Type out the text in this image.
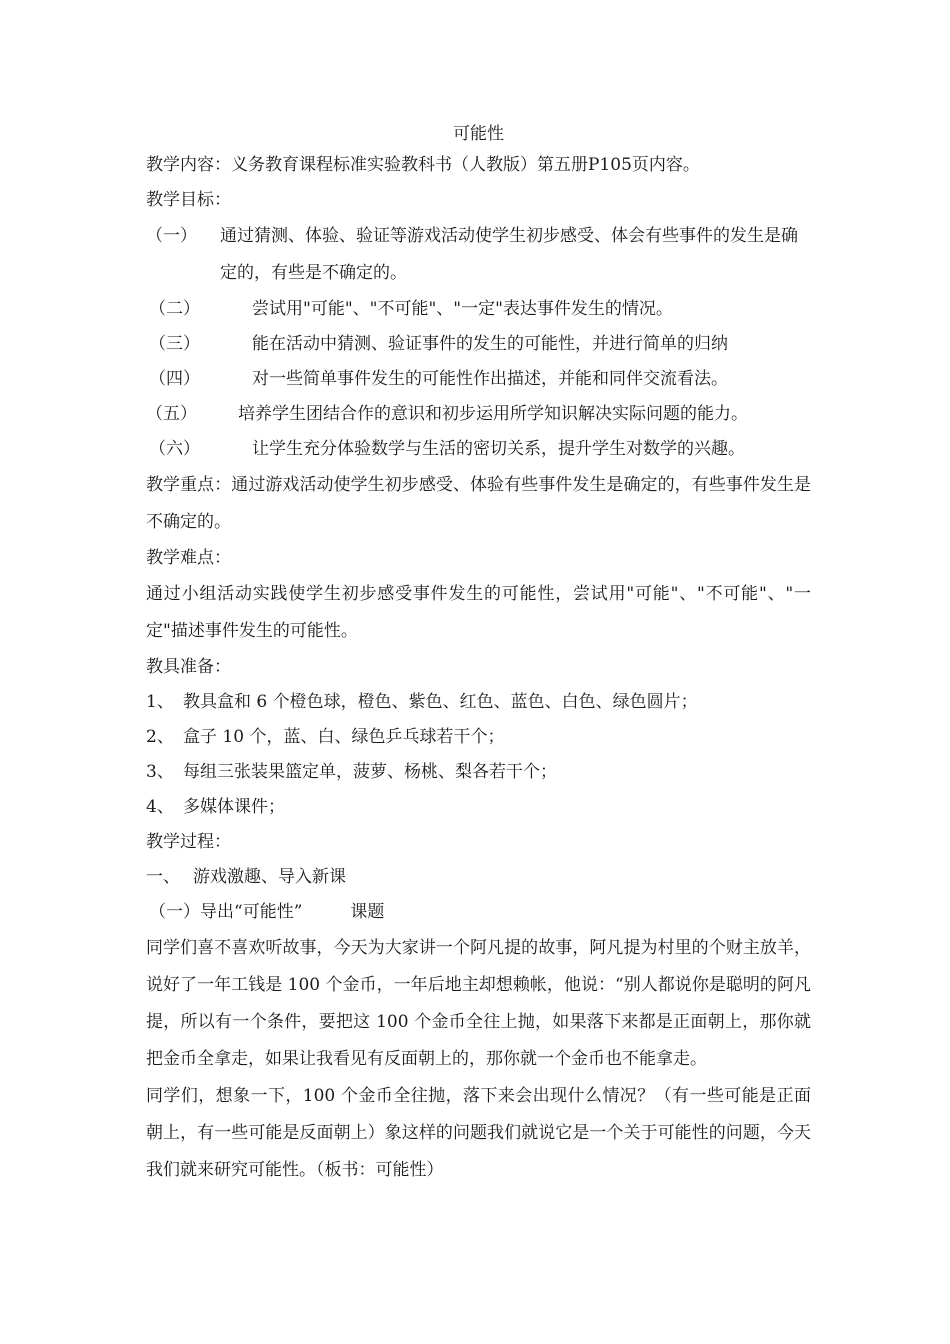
可能性

教学内容：义务教育课程标准实验教科书（人教版）第五册P105页内容。

教学目标：

（一）	通过猜测、体验、验证等游戏活动使学生初步感受、体会有些事件的发生是确定的，有些是不确定的。
（二）	尝试用"可能"、"不可能"、"一定"表达事件发生的情况。
（三）	能在活动中猜测、验证事件的发生的可能性，并进行简单的归纳
（四）	对一些简单事件发生的可能性作出描述，并能和同伴交流看法。
（五）	培养学生团结合作的意识和初步运用所学知识解决实际问题的能力。
（六）	让学生充分体验数学与生活的密切关系，提升学生对数学的兴趣。

教学重点：通过游戏活动使学生初步感受、体验有些事件发生是确定的，有些事件发生是不确定的。

教学难点：

通过小组活动实践使学生初步感受事件发生的可能性，尝试用"可能"、"不可能"、"一定"描述事件发生的可能性。

教具准备：

1、 教具盒和 6 个橙色球，橙色、紫色、红色、蓝色、白色、绿色圆片；
2、 盒子 10 个，蓝、白、绿色乒乓球若干个；
3、 每组三张装果篮定单，菠萝、杨桃、梨各若干个；
4、 多媒体课件；

教学过程：

一、 游戏激趣、导入新课
（一）导出“可能性”	课题

同学们喜不喜欢听故事，今天为大家讲一个阿凡提的故事，阿凡提为村里的个财主放羊，说好了一年工钱是 100 个金币，一年后地主却想赖帐，他说：“别人都说你是聪明的阿凡提，所以有一个条件，要把这 100 个金币全往上抛，如果落下来都是正面朝上，那你就把金币全拿走，如果让我看见有反面朝上的，那你就一个金币也不能拿走。

同学们，想象一下，100 个金币全往抛，落下来会出现什么情况？（有一些可能是正面朝上，有一些可能是反面朝上）象这样的问题我们就说它是一个关于可能性的问题，今天我们就来研究可能性。（板书：可能性）
